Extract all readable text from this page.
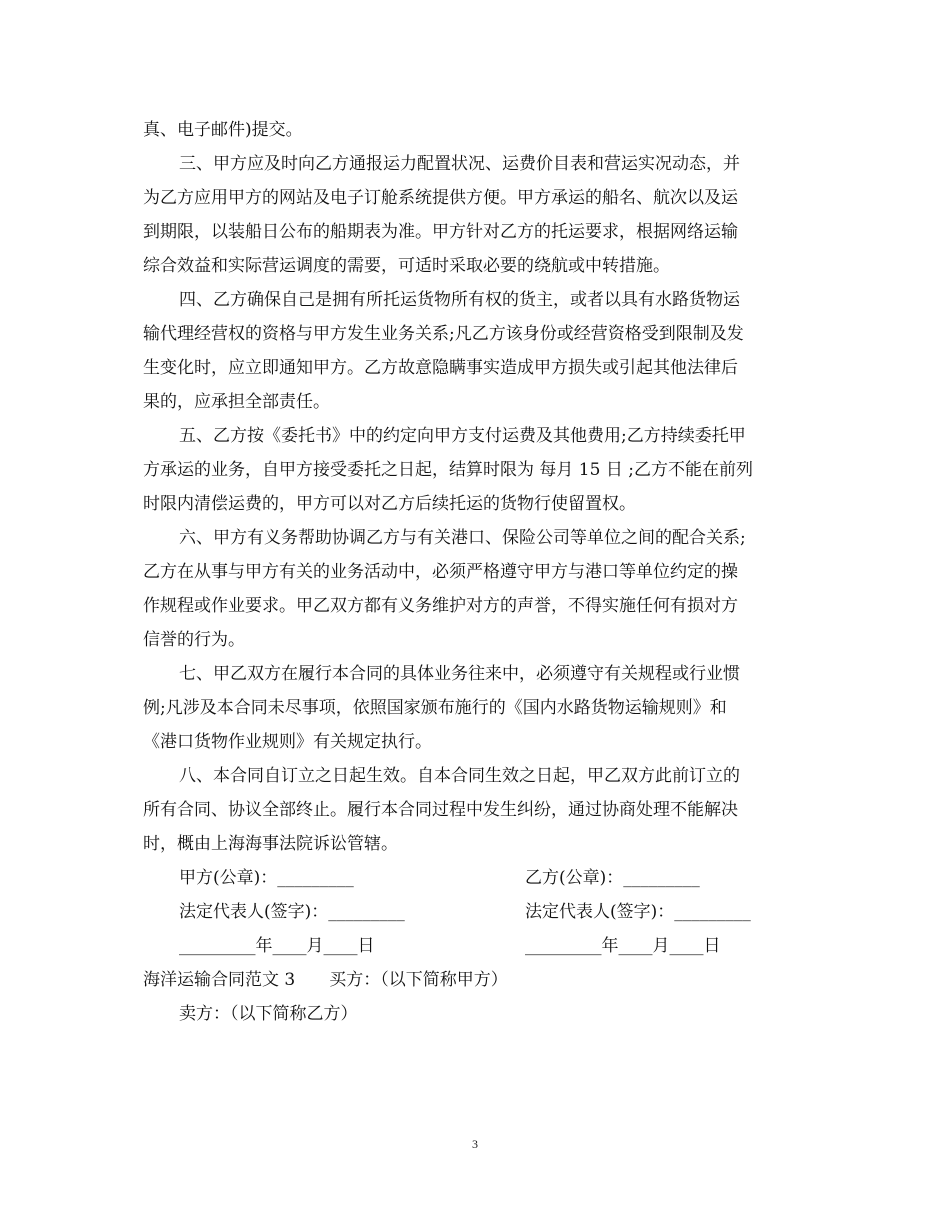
真、电子邮件)提交。
三、甲方应及时向乙方通报运力配置状况、运费价目表和营运实况动态，并
为乙方应用甲方的网站及电子订舱系统提供方便。甲方承运的船名、航次以及运
到期限，以装船日公布的船期表为准。甲方针对乙方的托运要求，根据网络运输
综合效益和实际营运调度的需要，可适时采取必要的绕航或中转措施。
四、乙方确保自己是拥有所托运货物所有权的货主，或者以具有水路货物运
输代理经营权的资格与甲方发生业务关系;凡乙方该身份或经营资格受到限制及发
生变化时，应立即通知甲方。乙方故意隐瞒事实造成甲方损失或引起其他法律后
果的，应承担全部责任。
五、乙方按《委托书》中的约定向甲方支付运费及其他费用;乙方持续委托甲
方承运的业务，自甲方接受委托之日起，结算时限为 每月 15 日 ;乙方不能在前列
时限内清偿运费的，甲方可以对乙方后续托运的货物行使留置权。
六、甲方有义务帮助协调乙方与有关港口、保险公司等单位之间的配合关系;
乙方在从事与甲方有关的业务活动中，必须严格遵守甲方与港口等单位约定的操
作规程或作业要求。甲乙双方都有义务维护对方的声誉，不得实施任何有损对方
信誉的行为。
七、甲乙双方在履行本合同的具体业务往来中，必须遵守有关规程或行业惯
例;凡涉及本合同未尽事项，依照国家颁布施行的《国内水路货物运输规则》和
《港口货物作业规则》有关规定执行。
八、本合同自订立之日起生效。自本合同生效之日起，甲乙双方此前订立的
所有合同、协议全部终止。履行本合同过程中发生纠纷，通过协商处理不能解决
时，概由上海海事法院诉讼管辖。
甲方(公章)：_________	乙方(公章)：_________
法定代表人(签字)：_________	法定代表人(签字)：_________
_________年____月____日	_________年____月____日
海洋运输合同范文 3　　买方：（以下简称甲方）
卖方：（以下简称乙方）
3
